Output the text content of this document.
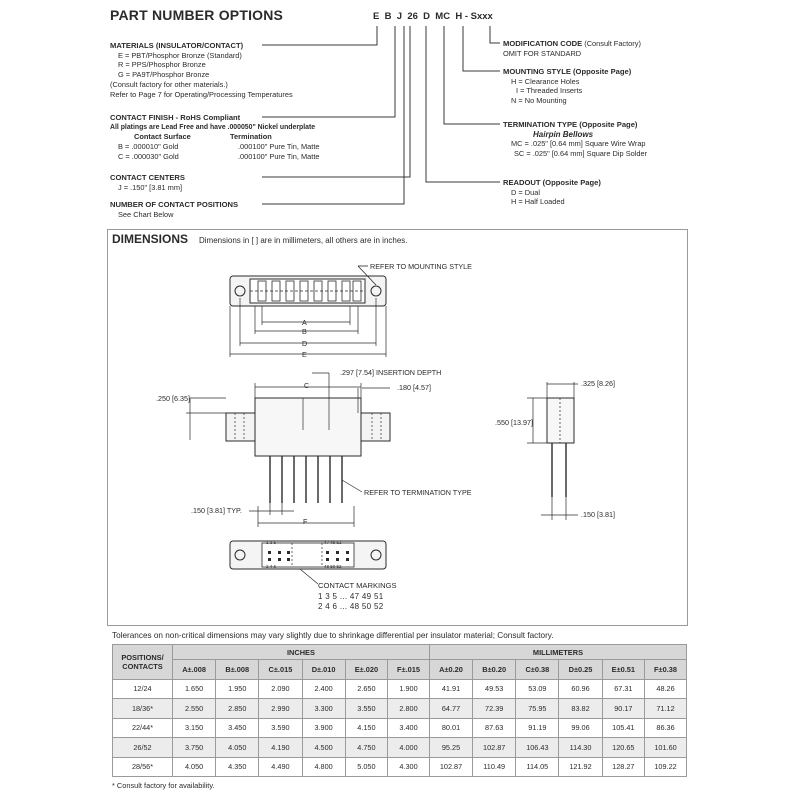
PART NUMBER OPTIONS	E  B  J  26  D  MC  H - Sxxx
MATERIALS (INSULATOR/CONTACT)
E = PBT/Phosphor Bronze (Standard)
R = PPS/Phosphor Bronze
G = PA9T/Phosphor Bronze
(Consult factory for other materials.)
Refer to Page 7 for Operating/Processing Temperatures
CONTACT FINISH - RoHS Compliant
All platings are Lead Free and have .000050" Nickel underplate
Contact Surface	Termination
B = .000010" Gold	.000100" Pure Tin, Matte
C = .000030" Gold	.000100" Pure Tin, Matte
CONTACT CENTERS
J = .150" [3.81 mm]
NUMBER OF CONTACT POSITIONS
See Chart Below
MODIFICATION CODE (Consult Factory)
OMIT FOR STANDARD
MOUNTING STYLE (Opposite Page)
H = Clearance Holes
I = Threaded Inserts
N = No Mounting
TERMINATION TYPE (Opposite Page)
Hairpin Bellows
MC = .025" [0.64 mm] Square Wire Wrap
SC = .025" [0.64 mm] Square Dip Solder
READOUT (Opposite Page)
D = Dual
H = Half Loaded
DIMENSIONS Dimensions in [ ] are in millimeters, all others are in inches.
REFER TO MOUNTING STYLE
A
B
D
E
C
.297 [7.54] INSERTION DEPTH
.180 [4.57]
.250 [6.35]
.325 [8.26]
.550 [13.97]
REFER TO TERMINATION TYPE
.150 [3.81] TYP.
F
.150 [3.81]
1 3 5	47 49 51
2 4 6	48 50 52
CONTACT MARKINGS
1 3 5 ... 47 49 51
2 4 6 ... 48 50 52
Tolerances on non-critical dimensions may vary slightly due to shrinkage differential per insulator material; Consult factory.
POSITIONS/
CONTACTS	INCHES						MILLIMETERS					
	A±.008	B±.008	C±.015	D±.010	E±.020	F±.015	A±0.20	B±0.20	C±0.38	D±0.25	E±0.51	F±0.38
12/24	1.650	1.950	2.090	2.400	2.650	1.900	41.91	49.53	53.09	60.96	67.31	48.26
18/36*	2.550	2.850	2.990	3.300	3.550	2.800	64.77	72.39	75.95	83.82	90.17	71.12
22/44*	3.150	3.450	3.590	3.900	4.150	3.400	80.01	87.63	91.19	99.06	105.41	86.36
26/52	3.750	4.050	4.190	4.500	4.750	4.000	95.25	102.87	106.43	114.30	120.65	101.60
28/56*	4.050	4.350	4.490	4.800	5.050	4.300	102.87	110.49	114.05	121.92	128.27	109.22
* Consult factory for availability.
